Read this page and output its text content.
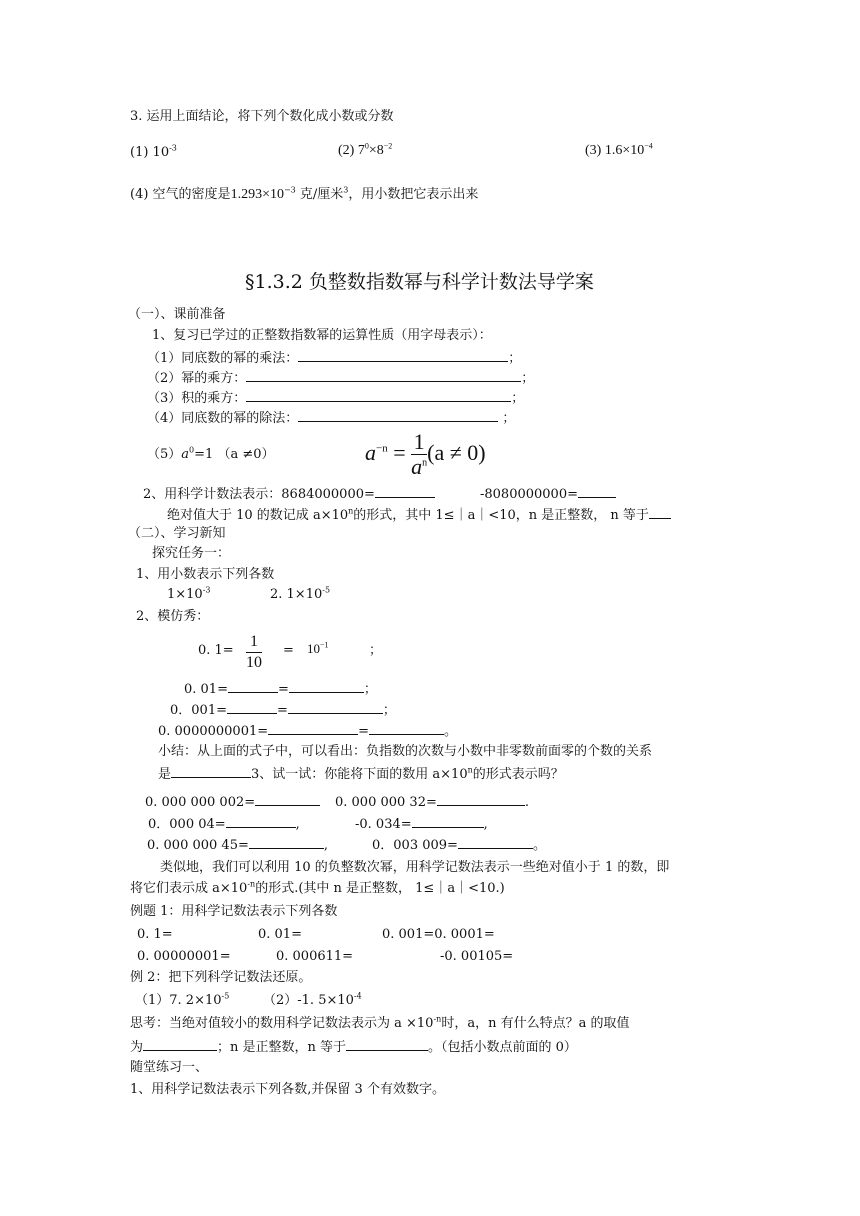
3. 运用上面结论，将下列个数化成小数或分数
(1) $10^{-3}$	(2) $7^0\times 8^{-2}$	(3) $1.6\times 10^{-4}$
(4) 空气的密度是$1.293\times 10^{-3}$ 克/厘米$^3$，用小数把它表示出来
§1.3.2 负整数指数幂与科学计数法导学案
（一）、课前准备
1、复习已学过的正整数指数幂的运算性质（用字母表示）：
（1）同底数的幂的乘法：	；
（2）幂的乘方：	；
（3）积的乘方：	；
（4）同底数的幂的除法：	；
$(5)a^0=1$ （a ≠0）	$a^{-n} = \frac{1}{a^n} (a \ne 0)$
2、用科学计数法表示：8684000000=	-8080000000=
绝对值大于 10 的数记成 $a\times 10^n$的形式，其中 1≤｜a｜<10，n 是正整数， n 等于
（二）、学习新知
探究任务一：
1、用小数表示下列各数
$1\times 10^{-3}$	2. $1\times 10^{-5}$
2、模仿秀：
0. 1=
1
10
= $10^{-1}$	；
0. 01=	=	；
0．001=	=	；
0. 0000000001=	=	。
小结：从上面的式子中，可以看出：负指数的次数与小数中非零数前面零的个数的关系
是	3、试一试：你能将下面的数用 $a\times 10^n$的形式表示吗？
0. 000 000 002=	0. 000 000 32=	.
0．000 04=	,	-0. 034=	,
0. 000 000 45=	,	0．003 009=	。
类似地，我们可以利用 10 的负整数次幂，用科学记数法表示一些绝对值小于 1 的数，即
将它们表示成 $a\times 10^{-n}$的形式.(其中 n 是正整数， 1≤｜a｜<10.)
例题 1：用科学记数法表示下列各数
0. 1=	0. 01=	0. 001=0. 0001=
0. 00000001=	0. 000611=	-0. 00105=
例 2：把下列科学记数法还原。
（1）7. $2\times 10^{-5}$	（2）-1. $5\times 10^{-4}$
思考：当绝对值较小的数用科学记数法表示为 $a \times 10^{-n}$时，a，n 有什么特点？a 的取值
为	；n 是正整数，n 等于	。（包括小数点前面的 0）
随堂练习一、
1、用科学记数法表示下列各数,并保留 3 个有效数字。
